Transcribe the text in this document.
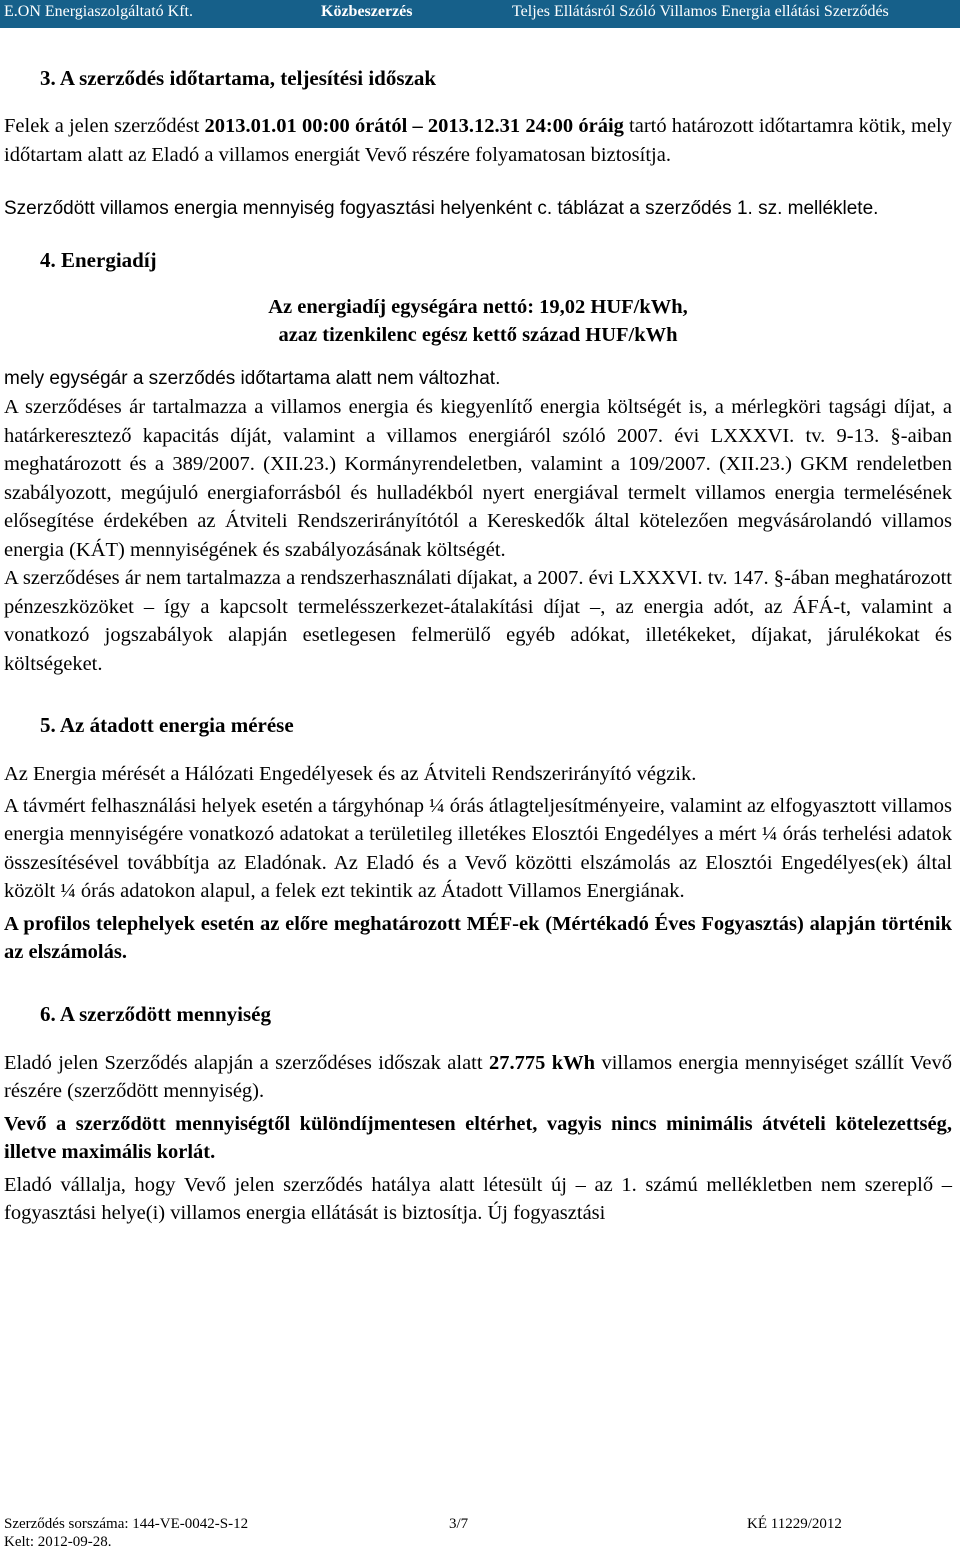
E.ON Energiaszolgáltató Kft.	Közbeszerzés	Teljes Ellátásról Szóló Villamos Energia ellátási Szerződés

3. A szerződés időtartama, teljesítési időszak

Felek a jelen szerződést 2013.01.01 00:00 órától – 2013.12.31 24:00 óráig tartó határozott időtartamra kötik, mely időtartam alatt az Eladó a villamos energiát Vevő részére folyamatosan biztosítja.

Szerződött villamos energia mennyiség fogyasztási helyenként c. táblázat a szerződés 1. sz. melléklete.

4. Energiadíj

Az energiadíj egységára nettó: 19,02 HUF/kWh,

azaz tizenkilenc egész kettő század HUF/kWh

mely egységár a szerződés időtartama alatt nem változhat.

A szerződéses ár tartalmazza a villamos energia és kiegyenlítő energia költségét is, a mérlegköri tagsági díjat, a határkeresztező kapacitás díját, valamint a villamos energiáról szóló 2007. évi LXXXVI. tv. 9-13. §-aiban meghatározott és a 389/2007. (XII.23.) Kormányrendeletben, valamint a 109/2007. (XII.23.) GKM rendeletben szabályozott, megújuló energiaforrásból és hulladékból nyert energiával termelt villamos energia termelésének elősegítése érdekében az Átviteli Rendszerirányítótól a Kereskedők által kötelezően megvásárolandó villamos energia (KÁT) mennyiségének és szabályozásának költségét.

A szerződéses ár nem tartalmazza a rendszerhasználati díjakat, a 2007. évi LXXXVI. tv. 147. §-ában meghatározott pénzeszközöket – így a kapcsolt termelésszerkezet-átalakítási díjat –, az energia adót, az ÁFÁ-t, valamint a vonatkozó jogszabályok alapján esetlegesen felmerülő egyéb adókat, illetékeket, díjakat, járulékokat és költségeket.

5. Az átadott energia mérése

Az Energia mérését a Hálózati Engedélyesek és az Átviteli Rendszerirányító végzik.

A távmért felhasználási helyek esetén a tárgyhónap ¼ órás átlagteljesítményeire, valamint az elfogyasztott villamos energia mennyiségére vonatkozó adatokat a területileg illetékes Elosztói Engedélyes a mért ¼ órás terhelési adatok összesítésével továbbítja az Eladónak. Az Eladó és a Vevő közötti elszámolás az Elosztói Engedélyes(ek) által közölt ¼ órás adatokon alapul, a felek ezt tekintik az Átadott Villamos Energiának.

A profilos telephelyek esetén az előre meghatározott MÉF-ek (Mértékadó Éves Fogyasztás) alapján történik az elszámolás.

6. A szerződött mennyiség

Eladó jelen Szerződés alapján a szerződéses időszak alatt 27.775 kWh villamos energia mennyiséget szállít Vevő részére (szerződött mennyiség).

Vevő a szerződött mennyiségtől különdíjmentesen eltérhet, vagyis nincs minimális átvételi kötelezettség, illetve maximális korlát.

Eladó vállalja, hogy Vevő jelen szerződés hatálya alatt létesült új – az 1. számú mellékletben nem szereplő – fogyasztási helye(i) villamos energia ellátását is biztosítja. Új fogyasztási

Szerződés sorszáma: 144-VE-0042-S-12	3/7	KÉ 11229/2012
Kelt: 2012-09-28.
